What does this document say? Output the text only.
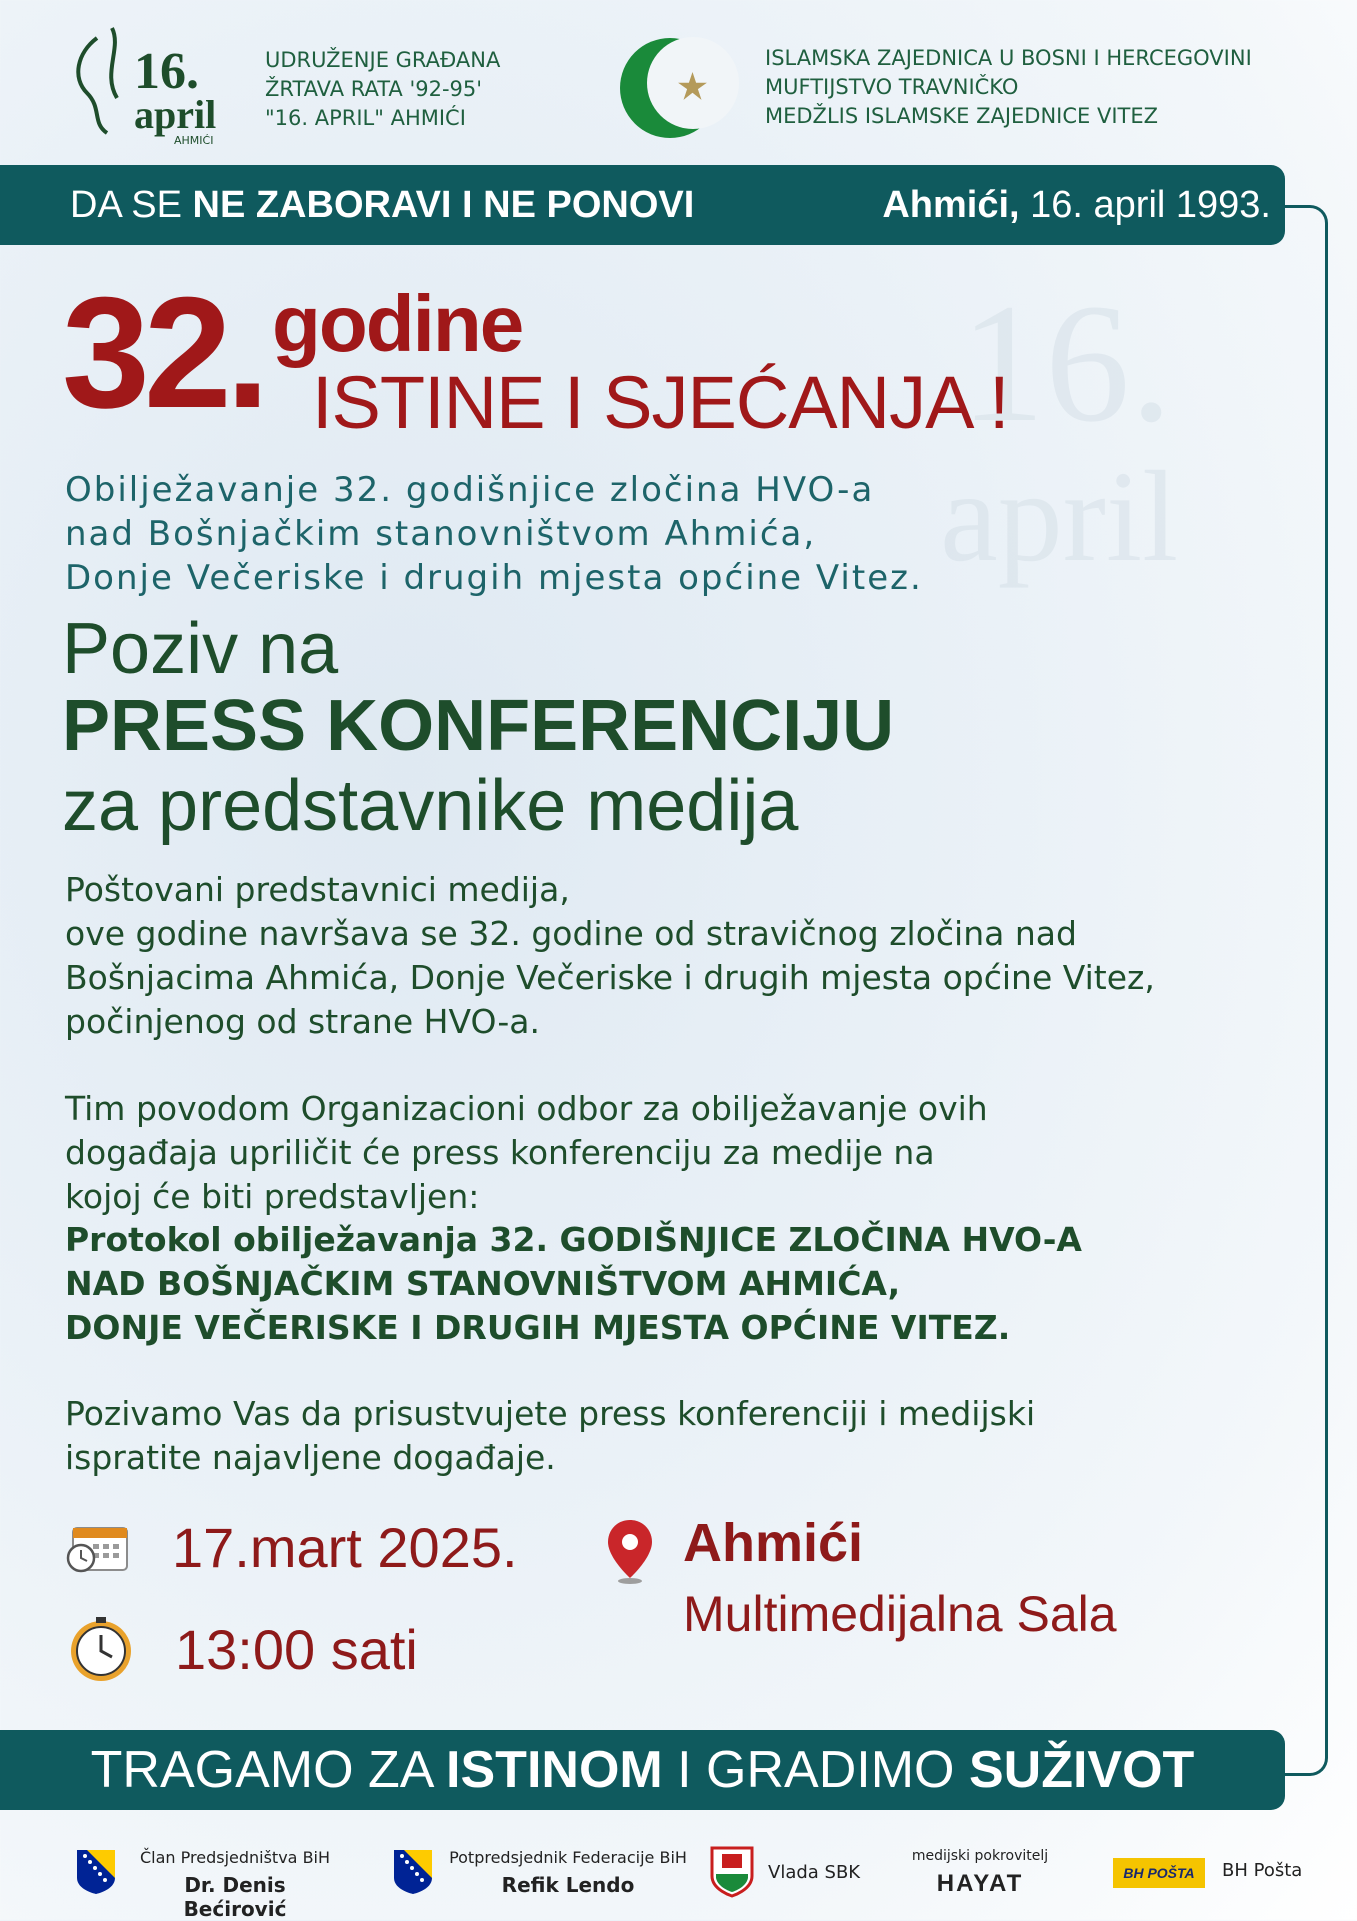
16.
april
16.
april
AHMIĆI
UDRUŽENJE GRAĐANA
ŽRTAVA RATA '92-95'
"16. APRIL" AHMIĆI
ISLAMSKA ZAJEDNICA U BOSNI I HERCEGOVINI
MUFTIJSTVO TRAVNIČKO
MEDŽLIS ISLAMSKE ZAJEDNICE VITEZ
DA SE NE ZABORAVI I NE PONOVI	Ahmići, 16. april 1993.
32. godine
ISTINE I SJEĆANJA !
Obilježavanje 32. godišnjice zločina HVO-a
nad Bošnjačkim stanovništvom Ahmića,
Donje Večeriske i drugih mjesta općine Vitez.
Poziv na
PRESS KONFERENCIJU
za predstavnike medija
Poštovani predstavnici medija,
ove godine navršava se 32. godine od stravičnog zločina nad
Bošnjacima Ahmića, Donje Večeriske i drugih mjesta općine Vitez,
počinjenog od strane HVO-a.
Tim povodom Organizacioni odbor za obilježavanje ovih
događaja upriličit će press konferenciju za medije na
kojoj će biti predstavljen:
Protokol obilježavanja 32. GODIŠNJICE ZLOČINA HVO-A
NAD BOŠNJAČKIM STANOVNIŠTVOM AHMIĆA,
DONJE VEČERISKE I DRUGIH MJESTA OPĆINE VITEZ.
Pozivamo Vas da prisustvujete press konferenciji i medijski
ispratite najavljene događaje.
17.mart 2025.
13:00 sati
Ahmići
Multimedijalna Sala
TRAGAMO ZA ISTINOM I GRADIMO SUŽIVOT
Član Predsjedništva BiH
Dr. Denis Bećirović
Potpredsjednik Federacije BiH
Refik Lendo
Vlada SBK
medijski pokrovitelj
HAYAT	BH POŠTA BH Pošta
